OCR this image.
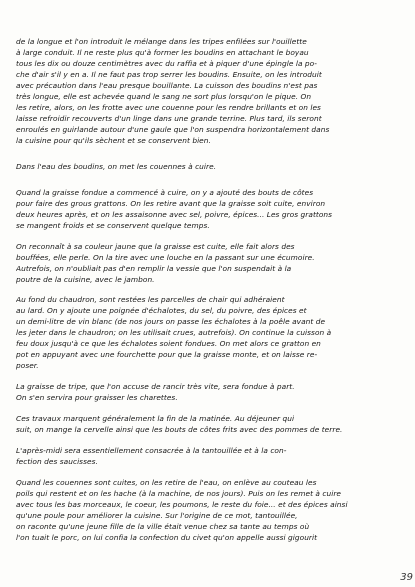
de la longue et l'on introduit le mélange dans les tripes enfilées sur l'ouillette
à large conduit. Il ne reste plus qu'à former les boudins en attachant le boyau
tous les dix ou douze centimètres avec du raffia et à piquer d'une épingle la po-
che d'air s'il y en a. Il ne faut pas trop serrer les boudins. Ensuite, on les introduit
avec précaution dans l'eau presque bouillante. La cuisson des boudins n'est pas
très longue, elle est achevée quand le sang ne sort plus lorsqu'on le pique. On
les retire, alors, on les frotte avec une couenne pour les rendre brillants et on les
laisse refroidir recouverts d'un linge dans une grande terrine. Plus tard, ils seront
enroulés en guirlande autour d'une gaule que l'on suspendra horizontalement dans
la cuisine pour qu'ils sèchent et se conservent bien.
Dans l'eau des boudins, on met les couennes à cuire.
Quand la graisse fondue a commencé à cuire, on y a ajouté des bouts de côtes
pour faire des grous grattons. On les retire avant que la graisse soit cuite, environ
deux heures après, et on les assaisonne avec sel, poivre, épices... Les gros grattons
se mangent froids et se conservent quelque temps.
On reconnaît à sa couleur jaune que la graisse est cuite, elle fait alors des
bouffées, elle perle. On la tire avec une louche en la passant sur une écumoire.
Autrefois, on n'oubliait pas d'en remplir la vessie que l'on suspendait à la
poutre de la cuisine, avec le jambon.
Au fond du chaudron, sont restées les parcelles de chair qui adhéraient
au lard. On y ajoute une poignée d'échalotes, du sel, du poivre, des épices et
un demi-litre de vin blanc (de nos jours on passe les échalotes à la poêle avant de
les jeter dans le chaudron; on les utilisait crues, autrefois). On continue la cuisson à
feu doux jusqu'à ce que les échalotes soient fondues. On met alors ce gratton en
pot en appuyant avec une fourchette pour que la graisse monte, et on laisse re-
poser.
La graisse de tripe, que l'on accuse de rancir très vite, sera fondue à part.
On s'en servira pour graisser les charettes.
Ces travaux marquent généralement la fin de la matinée. Au déjeuner qui
suit, on mange la cervelle ainsi que les bouts de côtes frits avec des pommes de terre.
L'après-midi sera essentiellement consacrée à la tantouillée et à la con-
fection des saucisses.
Quand les couennes sont cuites, on les retire de l'eau, on enlève au couteau les
poils qui restent et on les hache (à la machine, de nos jours). Puis on les remet à cuire
avec tous les bas morceaux, le coeur, les poumons, le reste du foie... et des épices ainsi
qu'une poule pour améliorer la cuisine. Sur l'origine de ce mot, tantouillée,
on raconte qu'une jeune fille de la ville était venue chez sa tante au temps où
l'on tuait le porc, on lui confia la confection du civet qu'on appelle aussi gigourit
39
